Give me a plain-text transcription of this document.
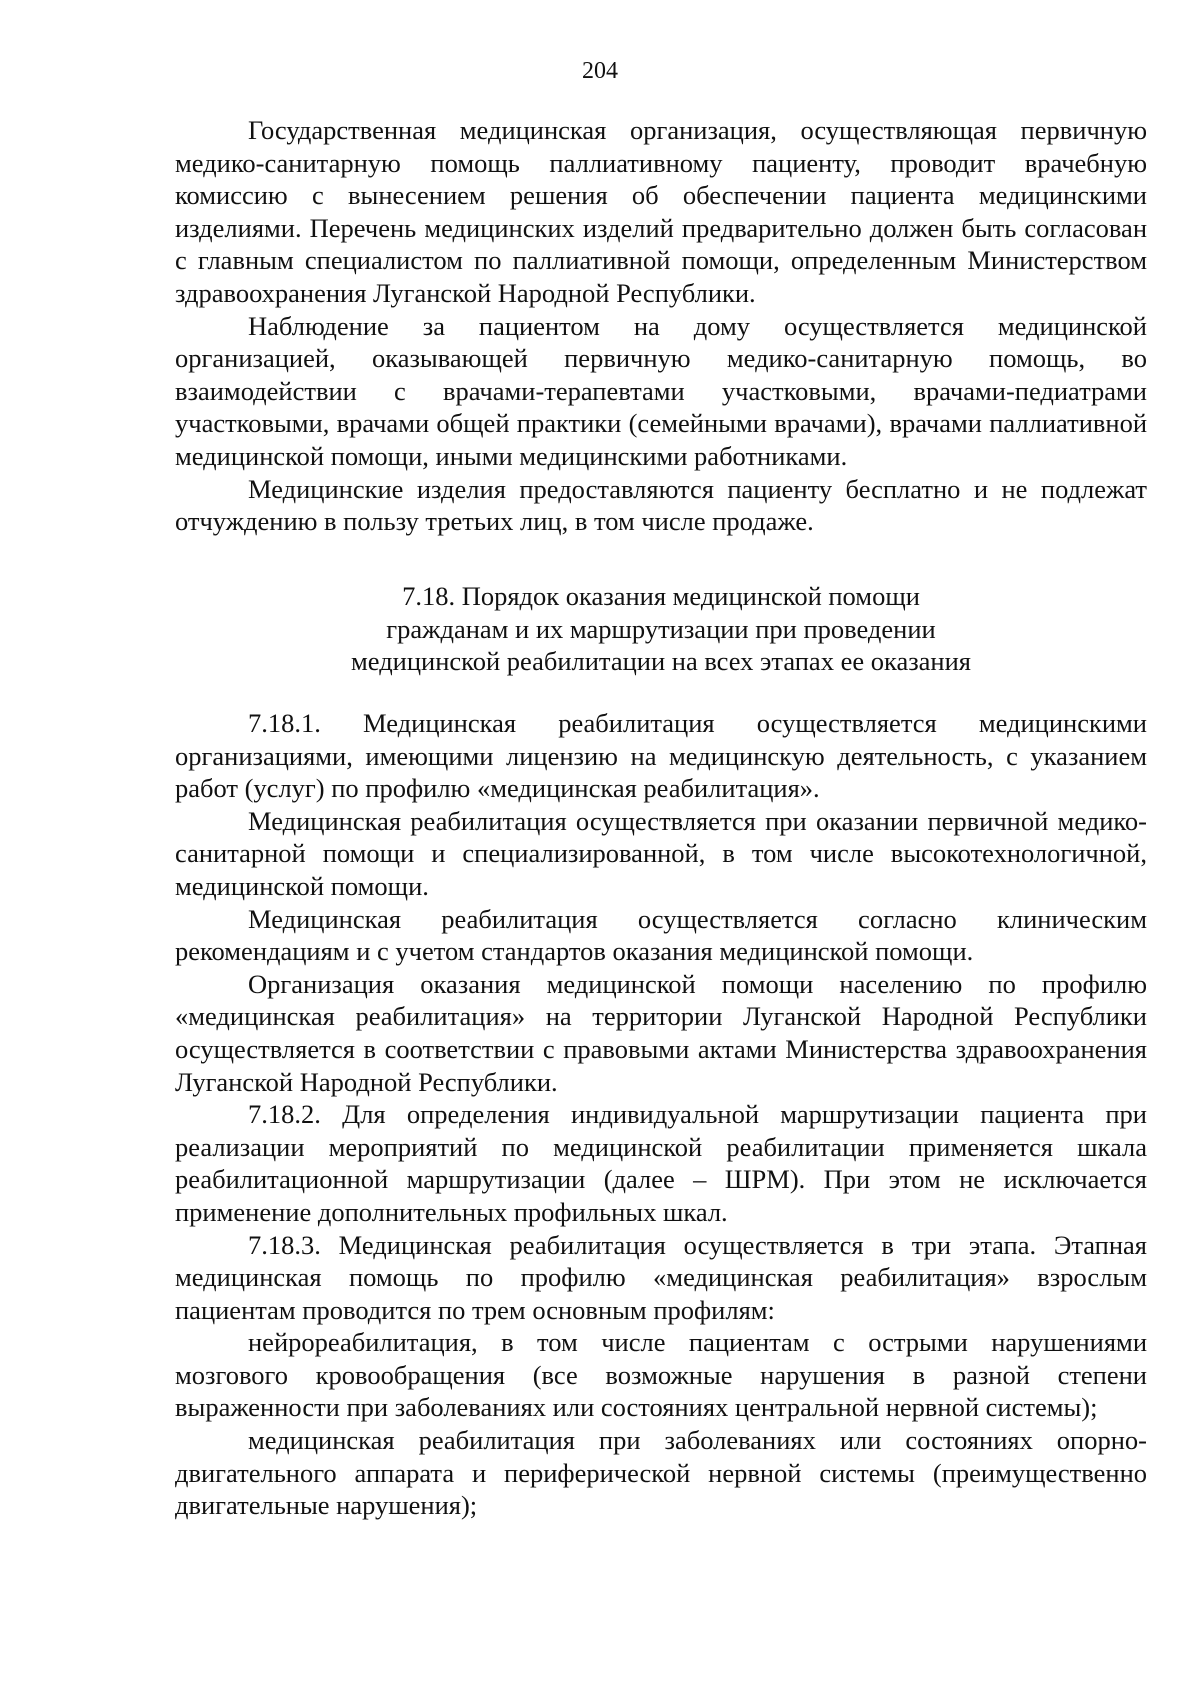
204

Государственная медицинская организация, осуществляющая первичную медико-санитарную помощь паллиативному пациенту, проводит врачебную комиссию с вынесением решения об обеспечении пациента медицинскими изделиями. Перечень медицинских изделий предварительно должен быть согласован с главным специалистом по паллиативной помощи, определенным Министерством здравоохранения Луганской Народной Республики.

Наблюдение за пациентом на дому осуществляется медицинской организацией, оказывающей первичную медико-санитарную помощь, во взаимодействии с врачами-терапевтами участковыми, врачами-педиатрами участковыми, врачами общей практики (семейными врачами), врачами паллиативной медицинской помощи, иными медицинскими работниками.

Медицинские изделия предоставляются пациенту бесплатно и не подлежат отчуждению в пользу третьих лиц, в том числе продаже.

7.18. Порядок оказания медицинской помощи
гражданам и их маршрутизации при проведении
медицинской реабилитации на всех этапах ее оказания

7.18.1. Медицинская реабилитация осуществляется медицинскими организациями, имеющими лицензию на медицинскую деятельность, с указанием работ (услуг) по профилю «медицинская реабилитация».

Медицинская реабилитация осуществляется при оказании первичной медико-санитарной помощи и специализированной, в том числе высокотехнологичной, медицинской помощи.

Медицинская реабилитация осуществляется согласно клиническим рекомендациям и с учетом стандартов оказания медицинской помощи.

Организация оказания медицинской помощи населению по профилю «медицинская реабилитация» на территории Луганской Народной Республики осуществляется в соответствии с правовыми актами Министерства здравоохранения Луганской Народной Республики.

7.18.2. Для определения индивидуальной маршрутизации пациента при реализации мероприятий по медицинской реабилитации применяется шкала реабилитационной маршрутизации (далее – ШРМ). При этом не исключается применение дополнительных профильных шкал.

7.18.3. Медицинская реабилитация осуществляется в три этапа. Этапная медицинская помощь по профилю «медицинская реабилитация» взрослым пациентам проводится по трем основным профилям:

нейрореабилитация, в том числе пациентам с острыми нарушениями мозгового кровообращения (все возможные нарушения в разной степени выраженности при заболеваниях или состояниях центральной нервной системы);

медицинская реабилитация при заболеваниях или состояниях опорно-двигательного аппарата и периферической нервной системы (преимущественно двигательные нарушения);
